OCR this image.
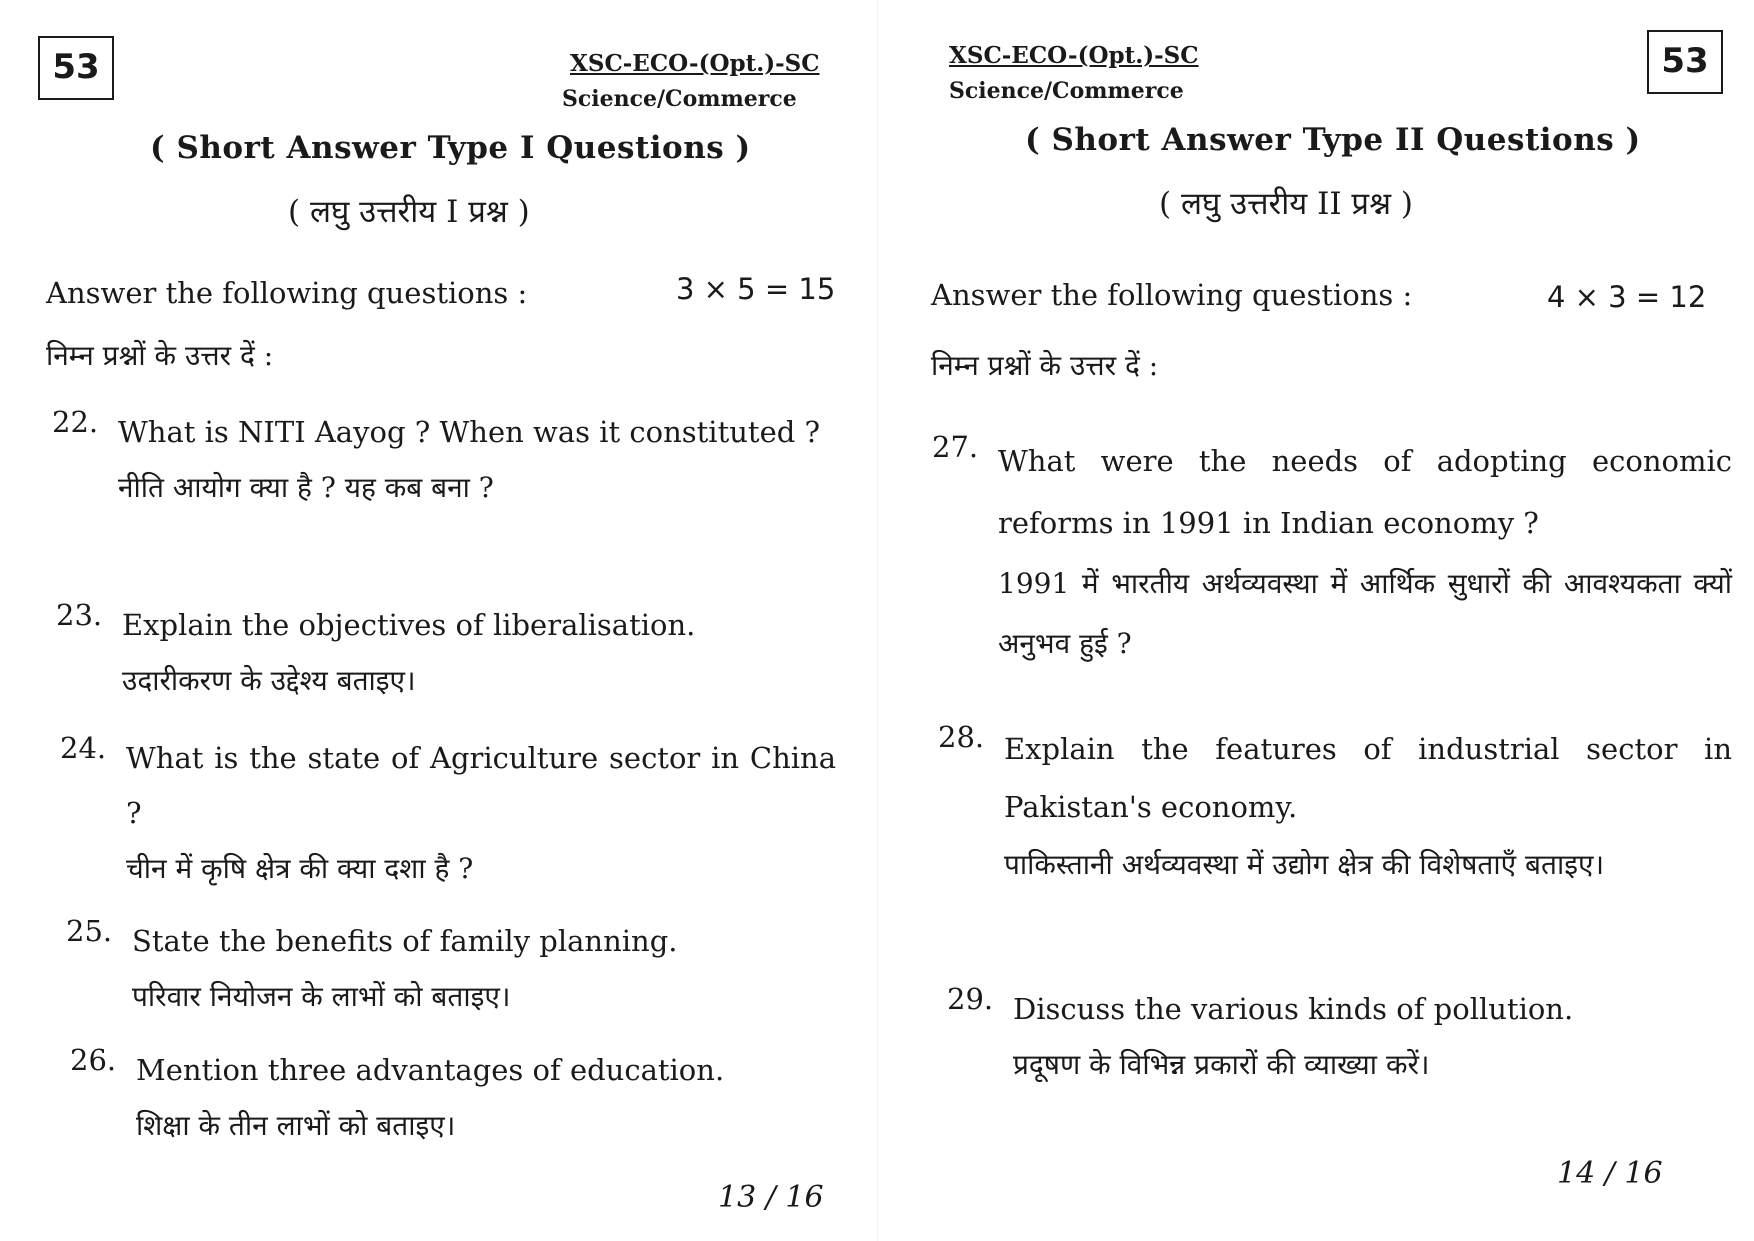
53	XSC-ECO-(Opt.)-SC
Science/Commerce
( Short Answer Type I Questions )
( लघु उत्तरीय I प्रश्न )
Answer the following questions :	3 × 5 = 15
निम्न प्रश्नों के उत्तर दें :
22. What is NITI Aayog ? When was it constituted ?
नीति आयोग क्या है ? यह कब बना ?
23. Explain the objectives of liberalisation.
उदारीकरण के उद्देश्य बताइए।
24. What is the state of Agriculture sector in China ?
चीन में कृषि क्षेत्र की क्या दशा है ?
25. State the benefits of family planning.
परिवार नियोजन के लाभों को बताइए।
26. Mention three advantages of education.
शिक्षा के तीन लाभों को बताइए।
13 / 16
XSC-ECO-(Opt.)-SC
Science/Commerce
53
( Short Answer Type II Questions )
( लघु उत्तरीय II प्रश्न )
Answer the following questions :	4 × 3 = 12
निम्न प्रश्नों के उत्तर दें :
27. What were the needs of adopting economic reforms in 1991 in Indian economy ?
1991 में भारतीय अर्थव्यवस्था में आर्थिक सुधारों की आवश्यकता क्यों अनुभव हुई ?
28. Explain the features of industrial sector in Pakistan's economy.
पाकिस्तानी अर्थव्यवस्था में उद्योग क्षेत्र की विशेषताएँ बताइए।
29. Discuss the various kinds of pollution.
प्रदूषण के विभिन्न प्रकारों की व्याख्या करें।
14 / 16
